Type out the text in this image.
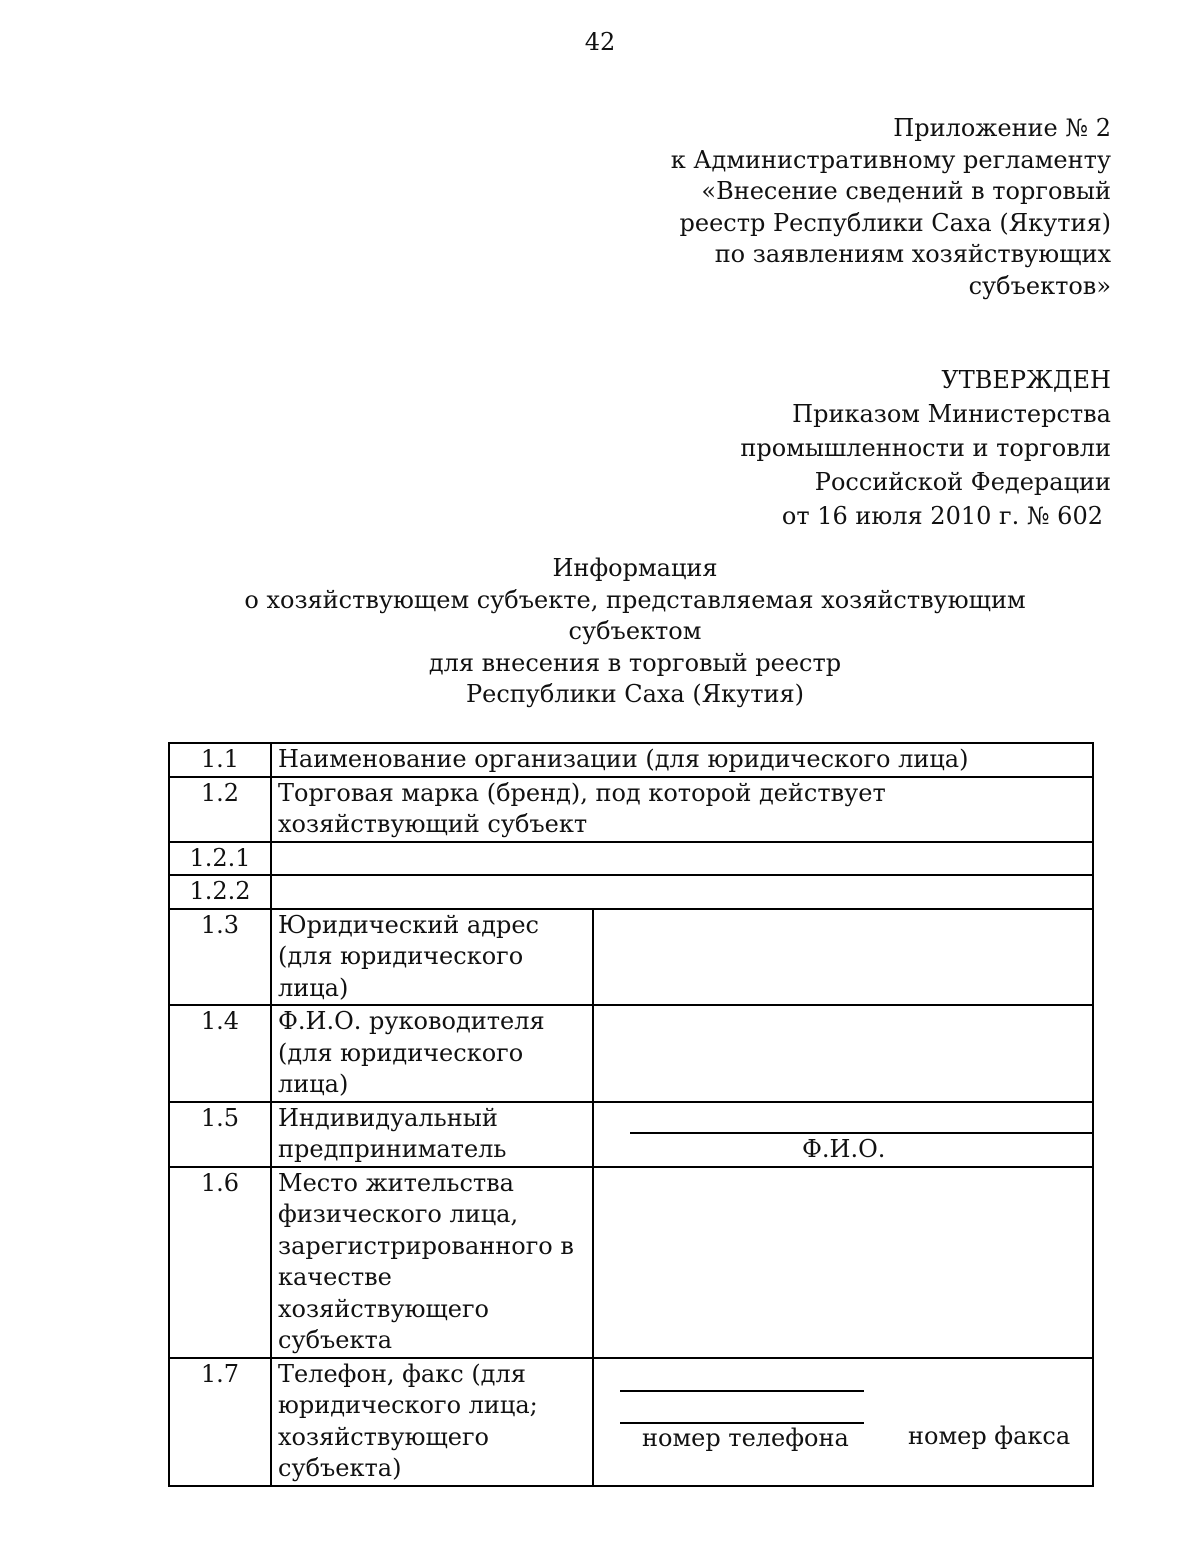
42
Приложение № 2
к Административному регламенту
«Внесение сведений в торговый
реестр Республики Саха (Якутия)
по заявлениям хозяйствующих
субъектов»
УТВЕРЖДЕН
Приказом Министерства
промышленности и торговли
Российской Федерации
от 16 июля 2010 г. № 602
Информация
о хозяйствующем субъекте, представляемая хозяйствующим
субъектом
для внесения в торговый реестр
Республики Саха (Якутия)
1.1	Наименование организации (для юридического лица)	
1.2	Торговая марка (бренд), под которой действует хозяйствующий субъект	
1.2.1		
1.2.2		
1.3	Юридический адрес (для юридического лица)	
1.4	Ф.И.О. руководителя (для юридического лица)	
1.5	Индивидуальный предприниматель	Ф.И.О.

1.6	Место жительства физического лица, зарегистрированного в качестве хозяйствующего субъекта	
1.7	Телефон, факс (для юридического лица; хозяйствующего субъекта)	номер телефона номер факса
